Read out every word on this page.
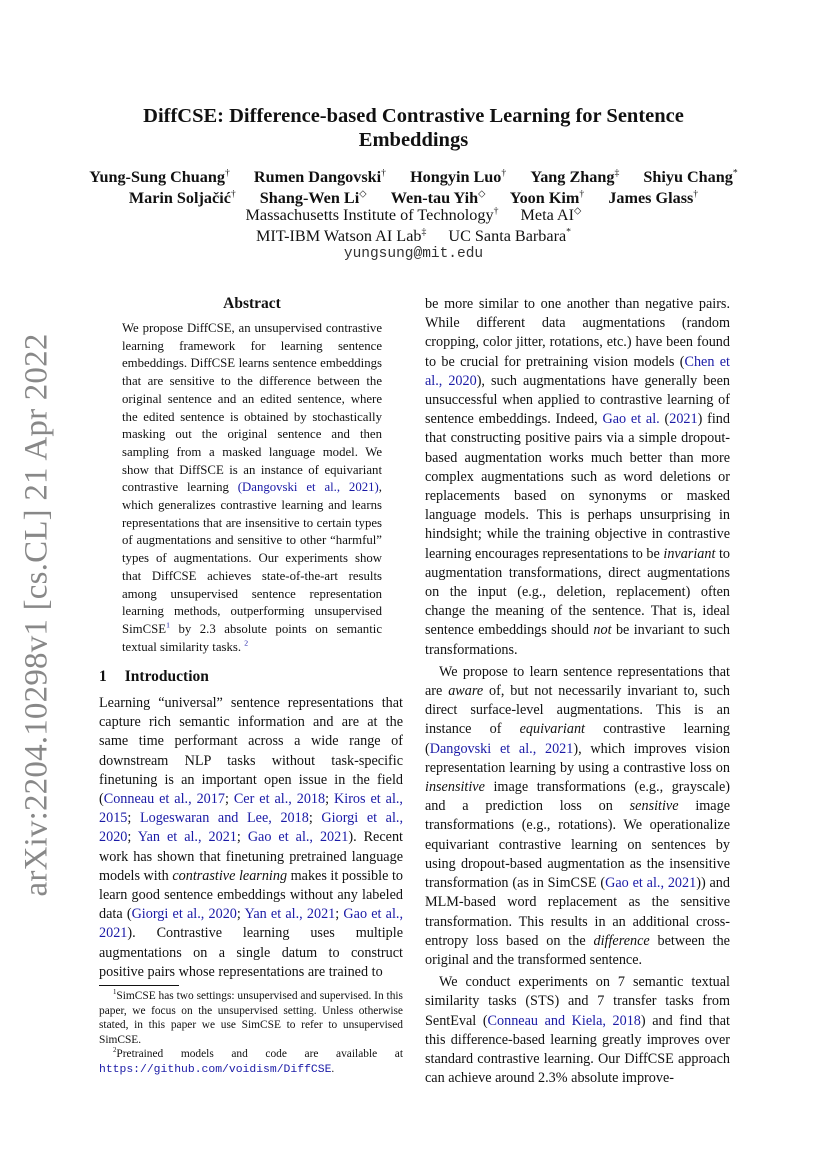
arXiv:2204.10298v1 [cs.CL] 21 Apr 2022
DiffCSE: Difference-based Contrastive Learning for Sentence Embeddings
Yung-Sung Chuang† Rumen Dangovski† Hongyin Luo† Yang Zhang‡ Shiyu Chang*
Marin Soljačić† Shang-Wen Li◇ Wen-tau Yih◇ Yoon Kim† James Glass†
Massachusetts Institute of Technology† Meta AI◇
MIT-IBM Watson AI Lab‡ UC Santa Barbara*
yungsung@mit.edu
Abstract
We propose DiffCSE, an unsupervised contrastive learning framework for learning sentence embeddings. DiffCSE learns sentence embeddings that are sensitive to the difference between the original sentence and an edited sentence, where the edited sentence is obtained by stochastically masking out the original sentence and then sampling from a masked language model. We show that DiffSCE is an instance of equivariant contrastive learning (Dangovski et al., 2021), which generalizes contrastive learning and learns representations that are insensitive to certain types of augmentations and sensitive to other “harmful” types of augmentations. Our experiments show that DiffCSE achieves state-of-the-art results among unsupervised sentence representation learning methods, outperforming unsupervised SimCSE$^1$ by 2.3 absolute points on semantic textual similarity tasks. $^2$
1 Introduction

Learning “universal” sentence representations that capture rich semantic information and are at the same time performant across a wide range of downstream NLP tasks without task-specific finetuning is an important open issue in the field (Conneau et al., 2017; Cer et al., 2018; Kiros et al., 2015; Logeswaran and Lee, 2018; Giorgi et al., 2020; Yan et al., 2021; Gao et al., 2021). Recent work has shown that finetuning pretrained language models with contrastive learning makes it possible to learn good sentence embeddings without any labeled data (Giorgi et al., 2020; Yan et al., 2021; Gao et al., 2021). Contrastive learning uses multiple augmentations on a single datum to construct positive pairs whose representations are trained to

$^1$SimCSE has two settings: unsupervised and supervised. In this paper, we focus on the unsupervised setting. Unless otherwise stated, in this paper we use SimCSE to refer to unsupervised SimCSE.

$^2$Pretrained models and code are available at https://github.com/voidism/DiffCSE.

be more similar to one another than negative pairs. While different data augmentations (random cropping, color jitter, rotations, etc.) have been found to be crucial for pretraining vision models (Chen et al., 2020), such augmentations have generally been unsuccessful when applied to contrastive learning of sentence embeddings. Indeed, Gao et al. (2021) find that constructing positive pairs via a simple dropout-based augmentation works much better than more complex augmentations such as word deletions or replacements based on synonyms or masked language models. This is perhaps unsurprising in hindsight; while the training objective in contrastive learning encourages representations to be invariant to augmentation transformations, direct augmentations on the input (e.g., deletion, replacement) often change the meaning of the sentence. That is, ideal sentence embeddings should not be invariant to such transformations.

We propose to learn sentence representations that are aware of, but not necessarily invariant to, such direct surface-level augmentations. This is an instance of equivariant contrastive learning (Dangovski et al., 2021), which improves vision representation learning by using a contrastive loss on insensitive image transformations (e.g., grayscale) and a prediction loss on sensitive image transformations (e.g., rotations). We operationalize equivariant contrastive learning on sentences by using dropout-based augmentation as the insensitive transformation (as in SimCSE (Gao et al., 2021)) and MLM-based word replacement as the sensitive transformation. This results in an additional cross-entropy loss based on the difference between the original and the transformed sentence.

We conduct experiments on 7 semantic textual similarity tasks (STS) and 7 transfer tasks from SentEval (Conneau and Kiela, 2018) and find that this difference-based learning greatly improves over standard contrastive learning. Our DiffCSE approach can achieve around 2.3% absolute improve-
